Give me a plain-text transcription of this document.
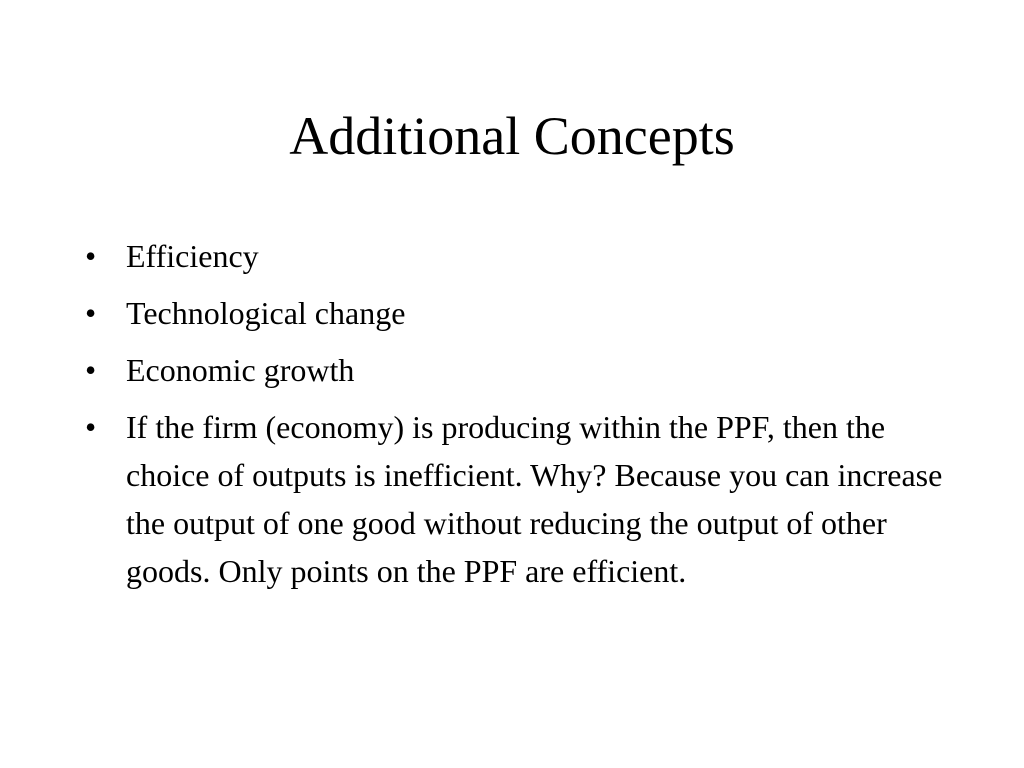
Additional Concepts
• Efficiency
• Technological change
• Economic growth
• If the firm (economy) is producing within the PPF, then the choice of outputs is inefficient. Why? Because you can increase the output of one good without reducing the output of other goods. Only points on the PPF are efficient.
